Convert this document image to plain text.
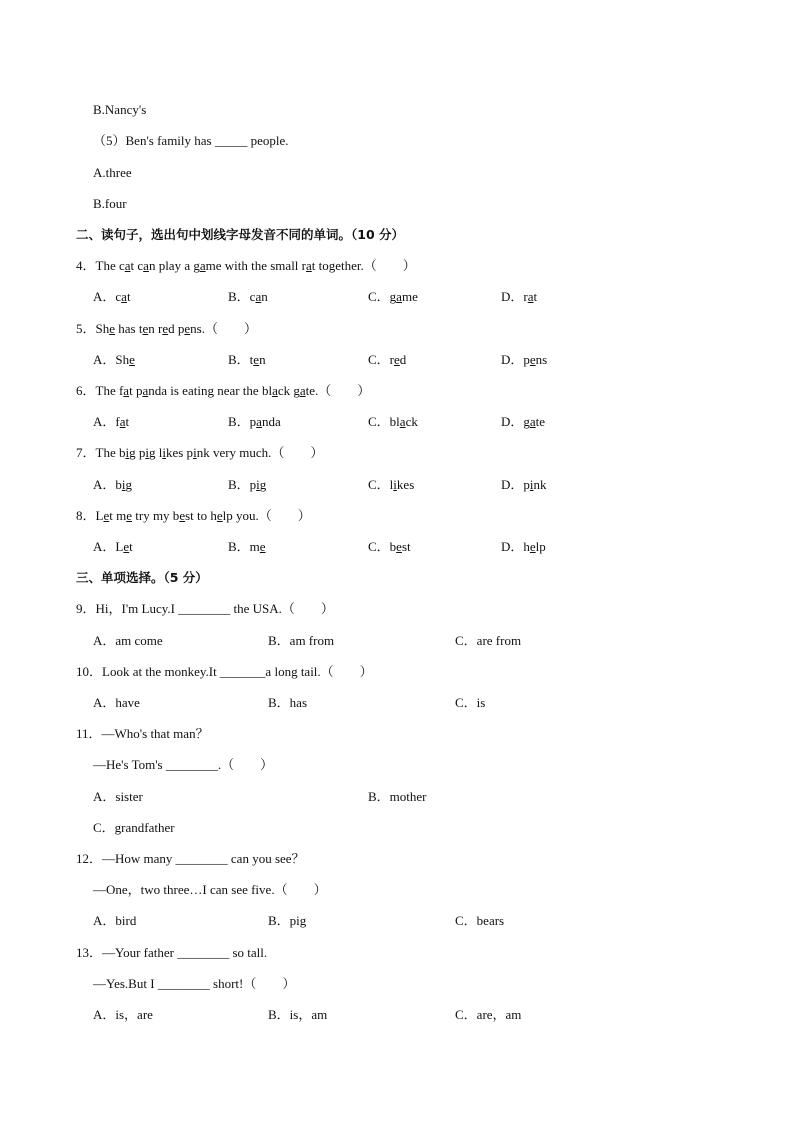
B.Nancy's
（5）Ben's family has _____ people.
A.three
B.four
二、读句子，选出句中划线字母发音不同的单词。（10 分）
4．The cat can play a game with the small rat together.（　　）
A．cat	B．can	C．game	D．rat
5．She has ten red pens.（　　）
A．She	B．ten	C．red	D．pens
6．The fat panda is eating near the black gate.（　　）
A．fat	B．panda	C．black	D．gate
7．The big pig likes pink very much.（　　）
A．big	B．pig	C．likes	D．pink
8．Let me try my best to help you.（　　）
A．Let	B．me	C．best	D．help
三、单项选择。（5 分）
9．Hi，I'm Lucy.I ________ the USA.（　　）
A．am come	B．am from	C．are from
10．Look at the monkey.It _______a long tail.（　　）
A．have	B．has	C．is
11．—Who's that man？
—He's Tom's ________.（　　）
A．sister	B．mother
C．grandfather
12．—How many ________ can you see？
—One，two three…I can see five.（　　）
A．bird	B．pig	C．bears
13．—Your father ________ so tall.
—Yes.But I ________ short!（　　）
A．is，are	B．is，am	C．are，am
